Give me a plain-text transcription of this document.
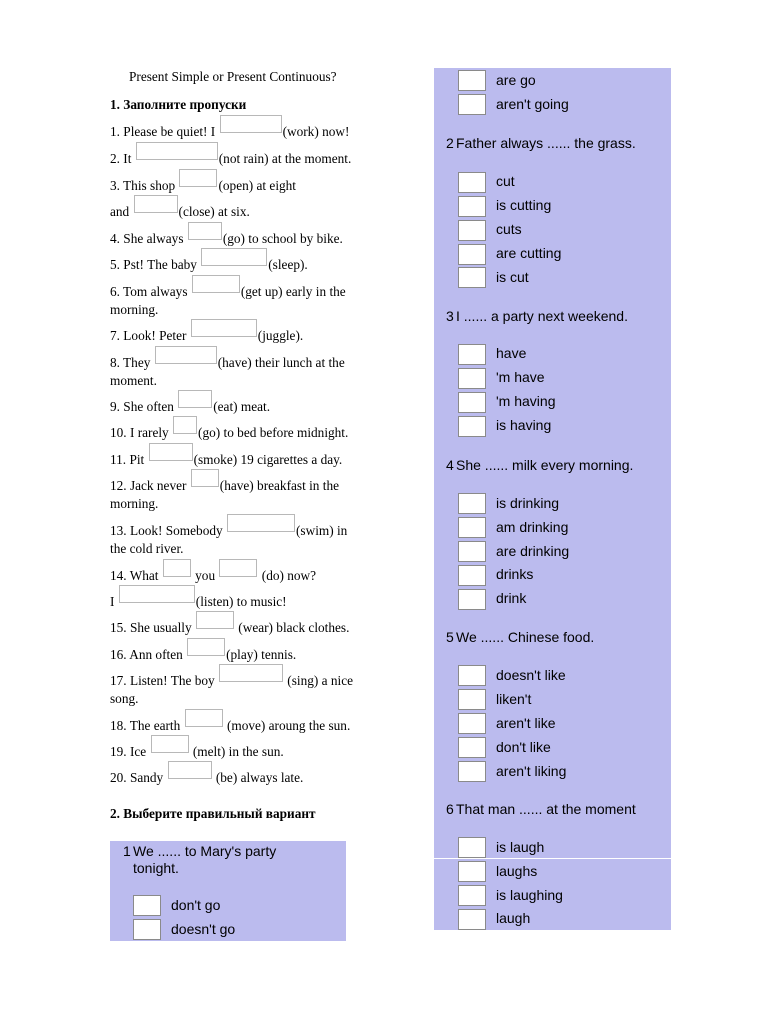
Present Simple or Present Continuous?
1. Заполните пропуски
1. Please be quiet! I	(work) now!
2. It	(not rain) at the moment.
3. This shop	(open) at eight
and	(close) at six.
4. She always	(go) to school by bike.
5. Pst! The baby	(sleep).
6. Tom always	(get up) early in the
morning.
7. Look! Peter	(juggle).
8. They	(have) their lunch at the
moment.
9. She often	(eat) meat.
10. I rarely (go) to bed before midnight.
11. Pit	(smoke) 19 cigarettes a day.
12. Jack never	(have) breakfast in the
morning.
13. Look! Somebody	(swim) in
the cold river.
14. What	you	(do) now?
I	(listen) to music!
15. She usually	(wear) black clothes.
16. Ann often	(play) tennis.
17. Listen! The boy	(sing) a nice
song.
18. The earth	(move) aroung the sun.
19. Ice	(melt) in the sun.
20. Sandy	(be) always late.
2. Выберите правильный вариант
1 We ...... to Mary's party
tonight.
don't go
doesn't go
are go
aren't going
2 Father always ...... the grass.
cut
is cutting
cuts
are cutting
is cut
3 I ...... a party next weekend.
have
'm have
'm having
is having
4 She ...... milk every morning.
is drinking
am drinking
are drinking
drinks
drink
5 We ...... Chinese food.
doesn't like
liken't
aren't like
don't like
aren't liking
6 That man ...... at the moment
is laugh
laughs
is laughing
laugh
